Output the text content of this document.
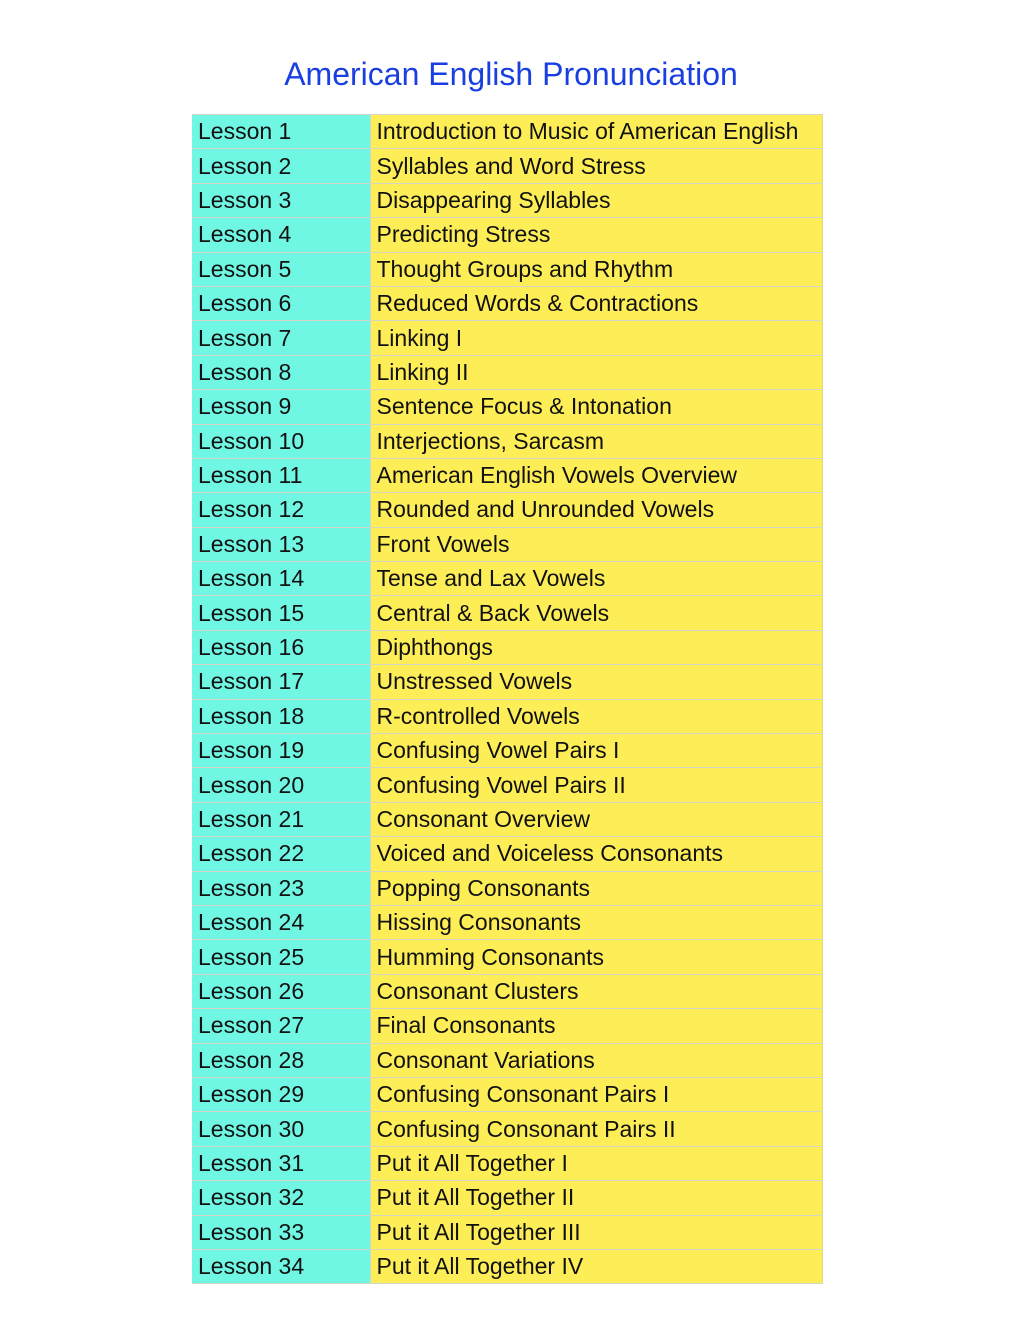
American English Pronunciation
Lesson 1	Introduction to Music of American English
Lesson 2	Syllables and Word Stress
Lesson 3	Disappearing Syllables
Lesson 4	Predicting Stress
Lesson 5	Thought Groups and Rhythm
Lesson 6	Reduced Words & Contractions
Lesson 7	Linking I
Lesson 8	Linking II
Lesson 9	Sentence Focus & Intonation
Lesson 10	Interjections, Sarcasm
Lesson 11	American English Vowels Overview
Lesson 12	Rounded and Unrounded Vowels
Lesson 13	Front Vowels
Lesson 14	Tense and Lax Vowels
Lesson 15	Central & Back Vowels
Lesson 16	Diphthongs
Lesson 17	Unstressed Vowels
Lesson 18	R-controlled Vowels
Lesson 19	Confusing Vowel Pairs I
Lesson 20	Confusing Vowel Pairs II
Lesson 21	Consonant Overview
Lesson 22	Voiced and Voiceless Consonants
Lesson 23	Popping Consonants
Lesson 24	Hissing Consonants
Lesson 25	Humming Consonants
Lesson 26	Consonant Clusters
Lesson 27	Final Consonants
Lesson 28	Consonant Variations
Lesson 29	Confusing Consonant Pairs I
Lesson 30	Confusing Consonant Pairs II
Lesson 31	Put it All Together I
Lesson 32	Put it All Together II
Lesson 33	Put it All Together III
Lesson 34	Put it All Together IV
